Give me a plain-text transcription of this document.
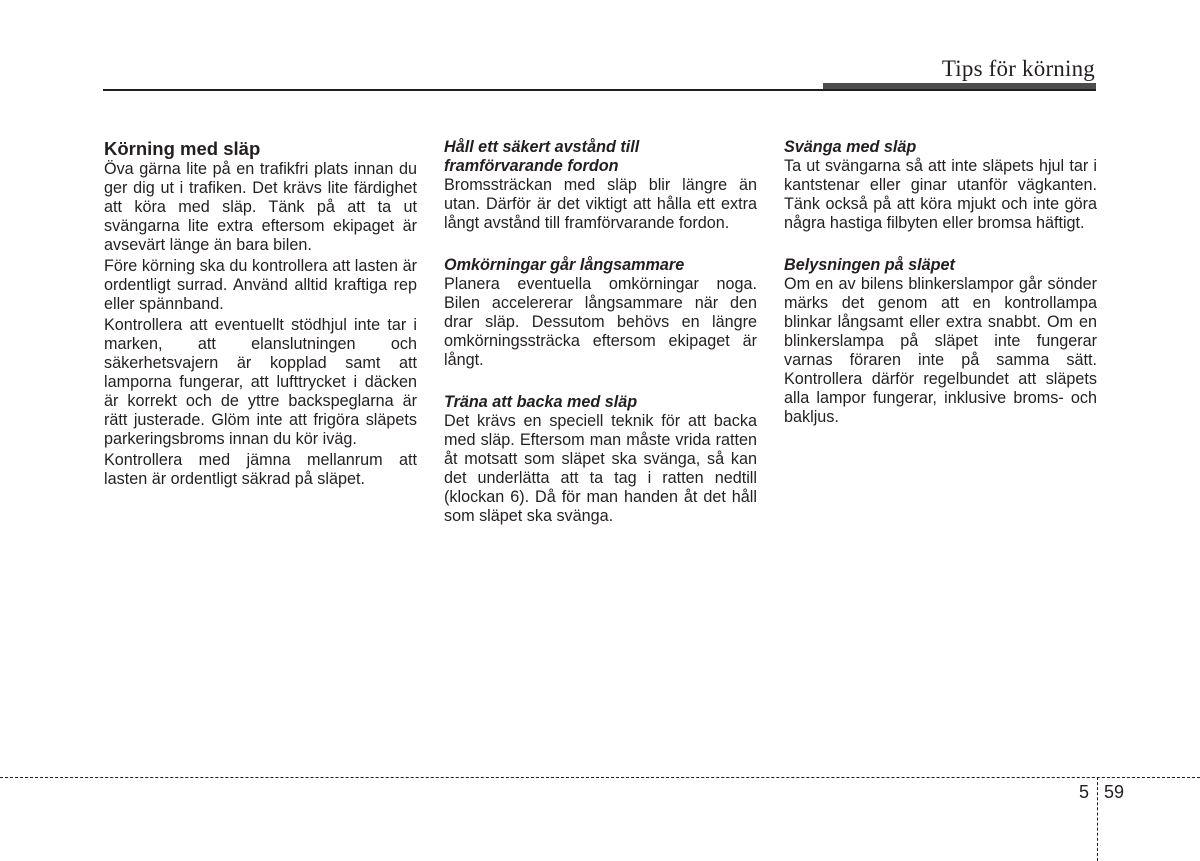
Tips för körning
Körning med släp

Öva gärna lite på en trafikfri plats innan du ger dig ut i trafiken. Det krävs lite färdighet att köra med släp. Tänk på att ta ut svängarna lite extra eftersom ekipaget är avsevärt länge än bara bilen.

Före körning ska du kontrollera att lasten är ordentligt surrad. Använd alltid kraftiga rep eller spännband.

Kontrollera att eventuellt stödhjul inte tar i marken, att elanslutningen och säkerhetsvajern är kopplad samt att lamporna fungerar, att lufttrycket i däcken är korrekt och de yttre backspeglarna är rätt justerade. Glöm inte att frigöra släpets parkeringsbroms innan du kör iväg.

Kontrollera med jämna mellanrum att lasten är ordentligt säkrad på släpet.

Håll ett säkert avstånd till framförvarande fordon

Bromssträckan med släp blir längre än utan. Därför är det viktigt att hålla ett extra långt avstånd till framförvarande fordon.

Omkörningar går långsammare

Planera eventuella omkörningar noga. Bilen accelererar långsammare när den drar släp. Dessutom behövs en längre omkörningssträcka eftersom ekipaget är långt.

Träna att backa med släp

Det krävs en speciell teknik för att backa med släp. Eftersom man måste vrida ratten åt motsatt som släpet ska svänga, så kan det underlätta att ta tag i ratten nedtill (klockan 6). Då för man handen åt det håll som släpet ska svänga.

Svänga med släp

Ta ut svängarna så att inte släpets hjul tar i kantstenar eller ginar utanför vägkanten. Tänk också på att köra mjukt och inte göra några hastiga filbyten eller bromsa häftigt.

Belysningen på släpet

Om en av bilens blinkerslampor går sönder märks det genom att en kontrollampa blinkar långsamt eller extra snabbt. Om en blinkerslampa på släpet inte fungerar varnas föraren inte på samma sätt. Kontrollera därför regelbundet att släpets alla lampor fungerar, inklusive broms- och bakljus.

5 59
